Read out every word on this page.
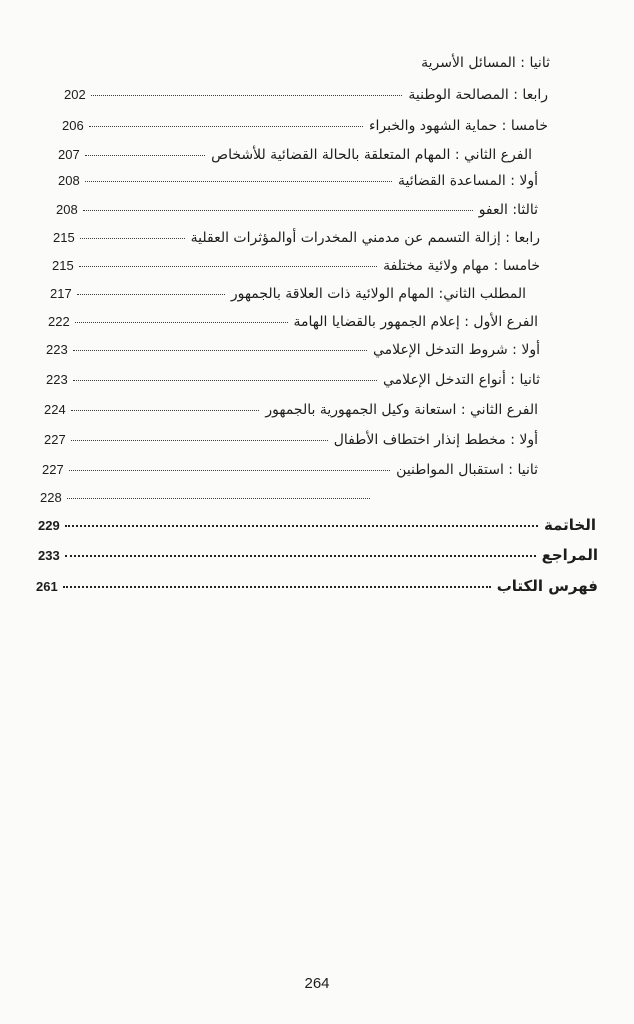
ثانيا : المسائل الأسرية
رابعا : المصالحة الوطنية
202
خامسا : حماية الشهود والخبراء
206
الفرع الثاني : المهام المتعلقة بالحالة القضائية للأشخاص
207
أولا : المساعدة القضائية
208
ثالثا: العفو
208
رابعا : إزالة التسمم عن مدمني المخدرات أوالمؤثرات العقلية
215
خامسا : مهام ولائية مختلفة
215
المطلب الثاني: المهام الولائية ذات العلاقة بالجمهور
217
الفرع الأول : إعلام الجمهور بالقضايا الهامة
222
أولا : شروط التدخل الإعلامي
223
ثانيا : أنواع التدخل الإعلامي
223
الفرع الثاني : استعانة وكيل الجمهورية بالجمهور
224
أولا : مخطط إنذار اختطاف الأطفال
227
ثانيا : استقبال المواطنين
227
228
الخاتمة
229
المراجع
233
فهرس الكتاب
261
264
